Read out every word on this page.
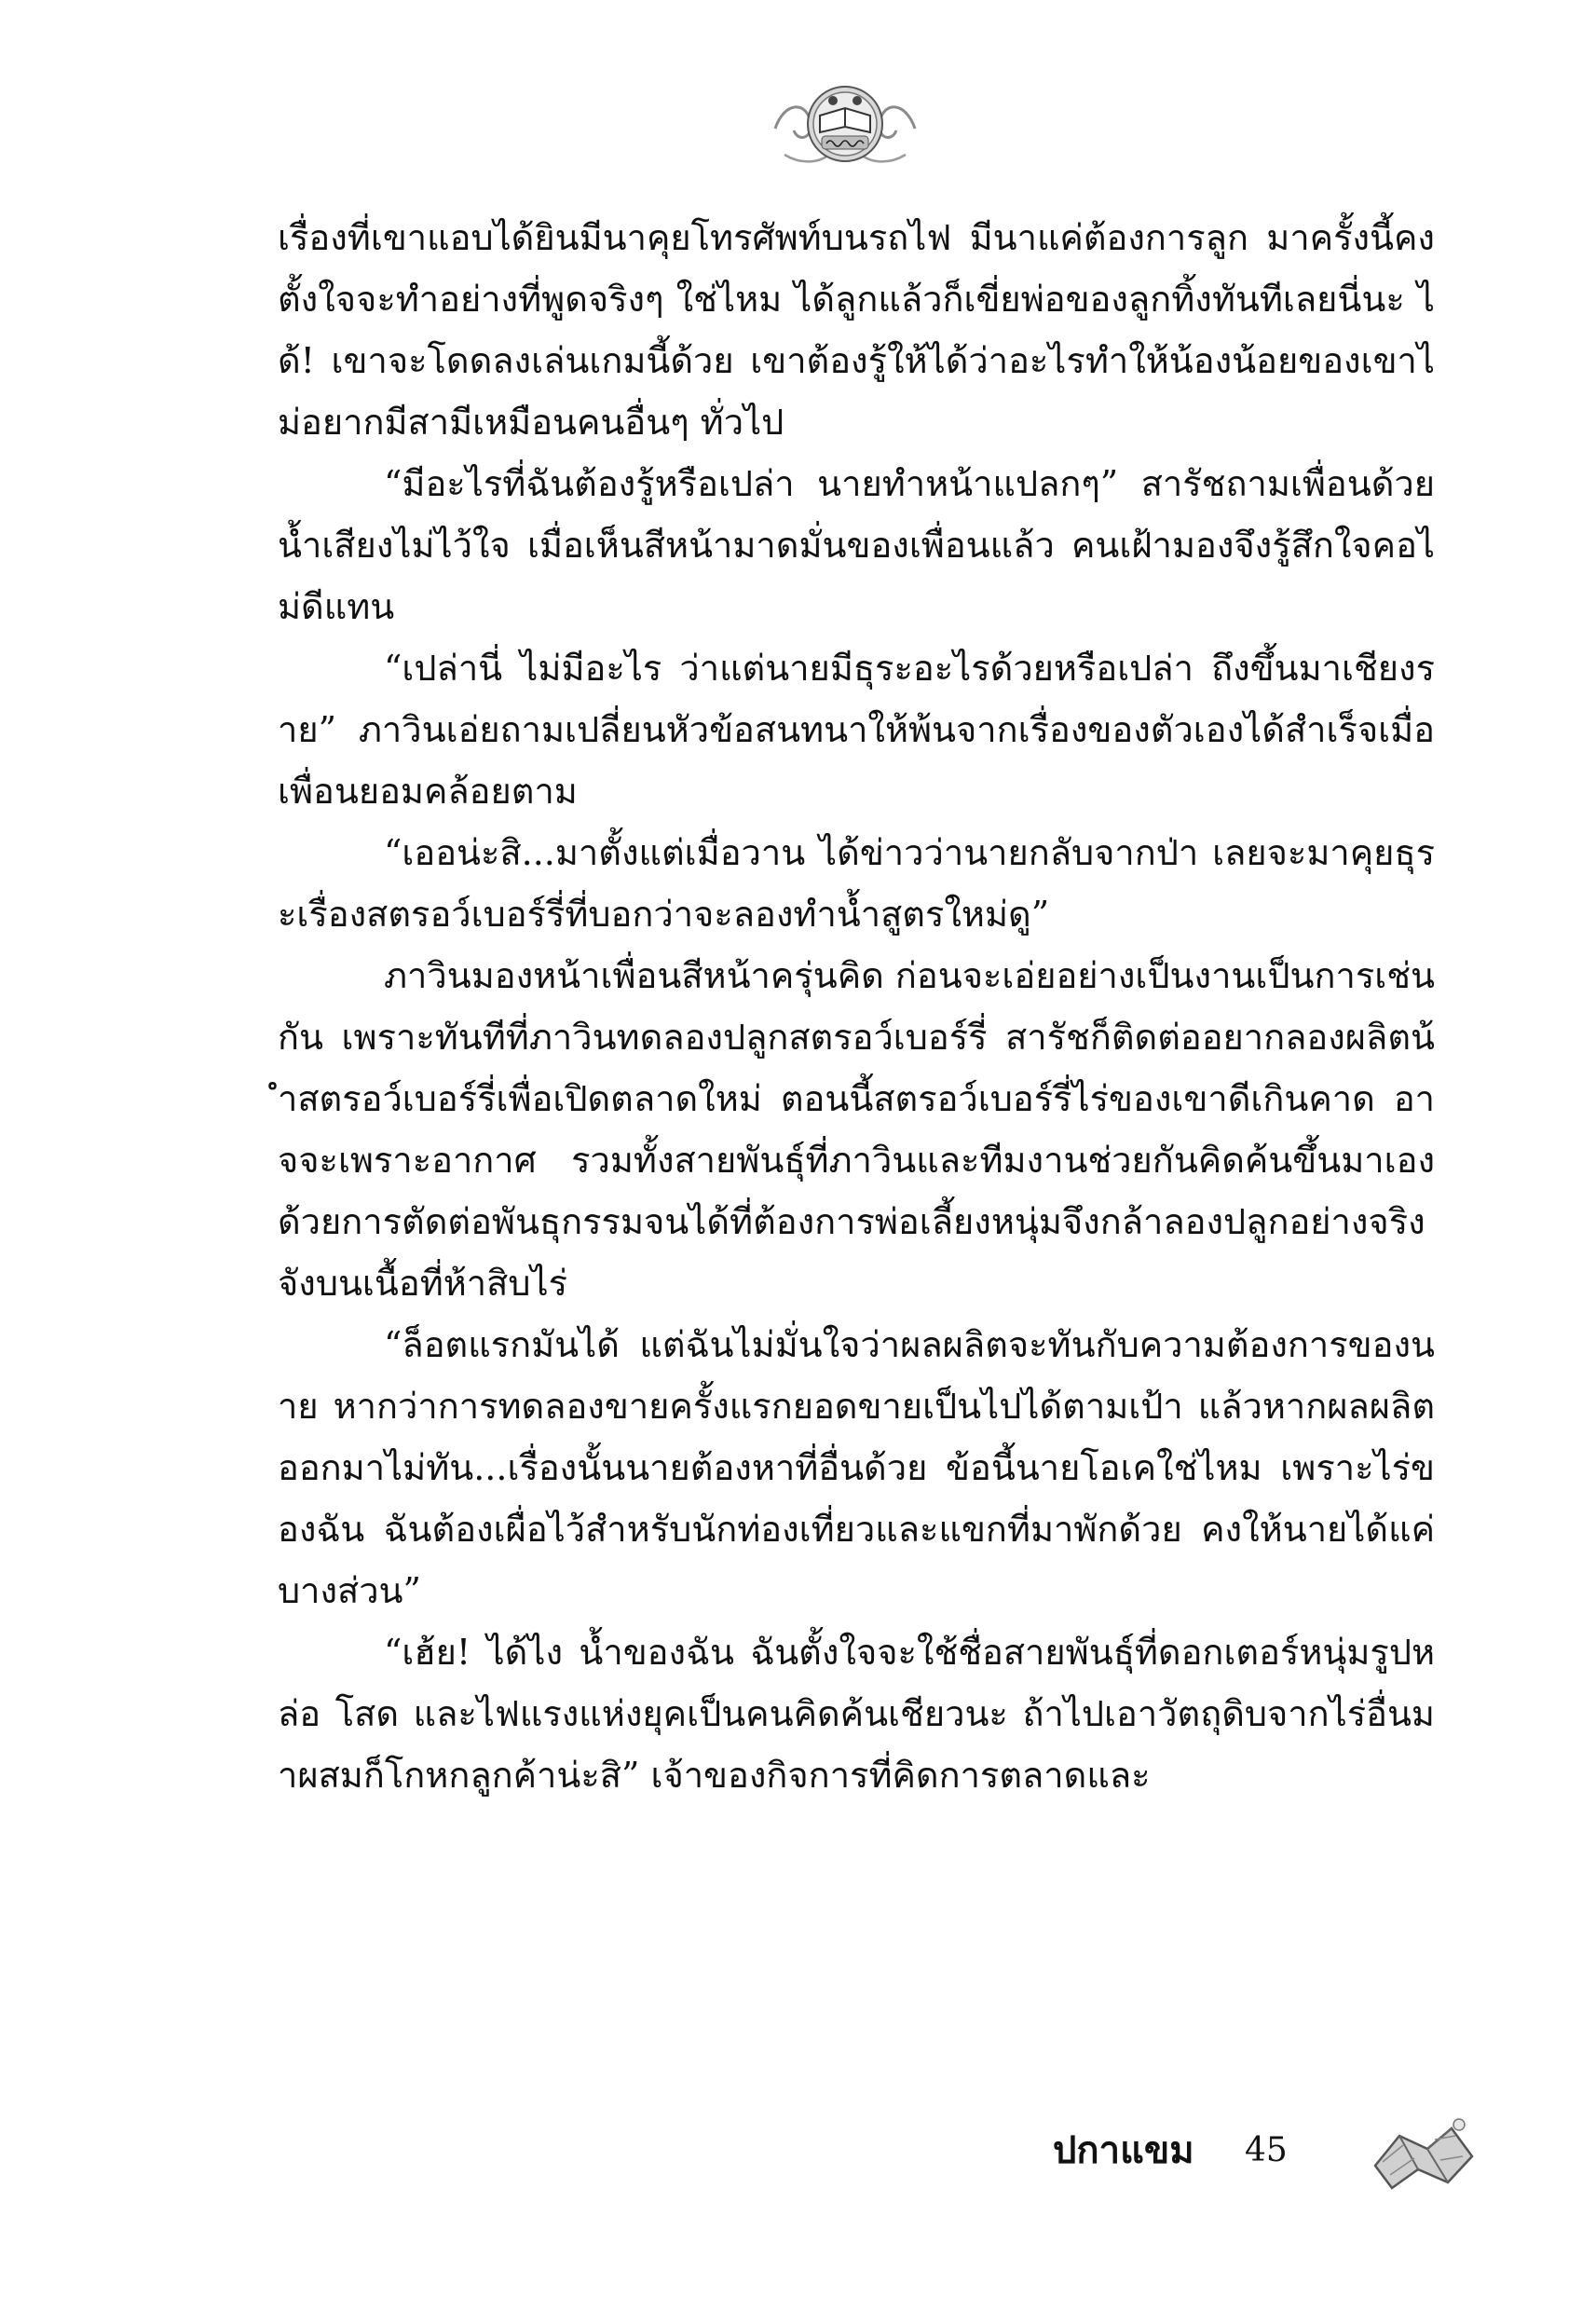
เรื่องที่เขาแอบได้ยินมีนาคุยโทรศัพท์บนรถไฟ มีนาแค่ต้องการลูก มาครั้งนี้คงตั้งใจจะทำอย่างที่พูดจริงๆ ใช่ไหม ได้ลูกแล้วก็เขี่ยพ่อของลูกทิ้งทันทีเลยนี่นะ ได้! เขาจะโดดลงเล่นเกมนี้ด้วย เขาต้องรู้ให้ได้ว่าอะไรทำให้น้องน้อยของเขาไม่อยากมีสามีเหมือนคนอื่นๆ ทั่วไป

“มีอะไรที่ฉันต้องรู้หรือเปล่า นายทำหน้าแปลกๆ” สารัชถามเพื่อนด้วยน้ำเสียงไม่ไว้ใจ เมื่อเห็นสีหน้ามาดมั่นของเพื่อนแล้ว คนเฝ้ามองจึงรู้สึกใจคอไม่ดีแทน

“เปล่านี่ ไม่มีอะไร ว่าแต่นายมีธุระอะไรด้วยหรือเปล่า ถึงขึ้นมาเชียงราย” ภาวินเอ่ยถามเปลี่ยนหัวข้อสนทนาให้พ้นจากเรื่องของตัวเองได้สำเร็จเมื่อเพื่อนยอมคล้อยตาม

“เออน่ะสิ...มาตั้งแต่เมื่อวาน ได้ข่าวว่านายกลับจากป่า เลยจะมาคุยธุระเรื่องสตรอว์เบอร์รี่ที่บอกว่าจะลองทำน้ำสูตรใหม่ดู”

ภาวินมองหน้าเพื่อนสีหน้าครุ่นคิด ก่อนจะเอ่ยอย่างเป็นงานเป็นการเช่นกัน เพราะทันทีที่ภาวินทดลองปลูกสตรอว์เบอร์รี่ สารัชก็ติดต่ออยากลองผลิตน้ำสตรอว์เบอร์รี่เพื่อเปิดตลาดใหม่ ตอนนี้สตรอว์เบอร์รี่ไร่ของเขาดีเกินคาด อาจจะเพราะอากาศ รวมทั้งสายพันธุ์ที่ภาวินและทีมงานช่วยกันคิดค้นขึ้นมาเอง ด้วยการตัดต่อพันธุกรรมจนได้ที่ต้องการพ่อเลี้ยงหนุ่มจึงกล้าลองปลูกอย่างจริงจังบนเนื้อที่ห้าสิบไร่

“ล็อตแรกมันได้ แต่ฉันไม่มั่นใจว่าผลผลิตจะทันกับความต้องการของนาย หากว่าการทดลองขายครั้งแรกยอดขายเป็นไปได้ตามเป้า แล้วหากผลผลิตออกมาไม่ทัน...เรื่องนั้นนายต้องหาที่อื่นด้วย ข้อนี้นายโอเคใช่ไหม เพราะไร่ของฉัน ฉันต้องเผื่อไว้สำหรับนักท่องเที่ยวและแขกที่มาพักด้วย คงให้นายได้แค่บางส่วน”

“เฮ้ย! ได้ไง น้ำของฉัน ฉันตั้งใจจะใช้ชื่อสายพันธุ์ที่ดอกเตอร์หนุ่มรูปหล่อ โสด และไฟแรงแห่งยุคเป็นคนคิดค้นเชียวนะ ถ้าไปเอาวัตถุดิบจากไร่อื่นมาผสมก็โกหกลูกค้าน่ะสิ” เจ้าของกิจการที่คิดการตลาดและ

ปกาแขม 45
